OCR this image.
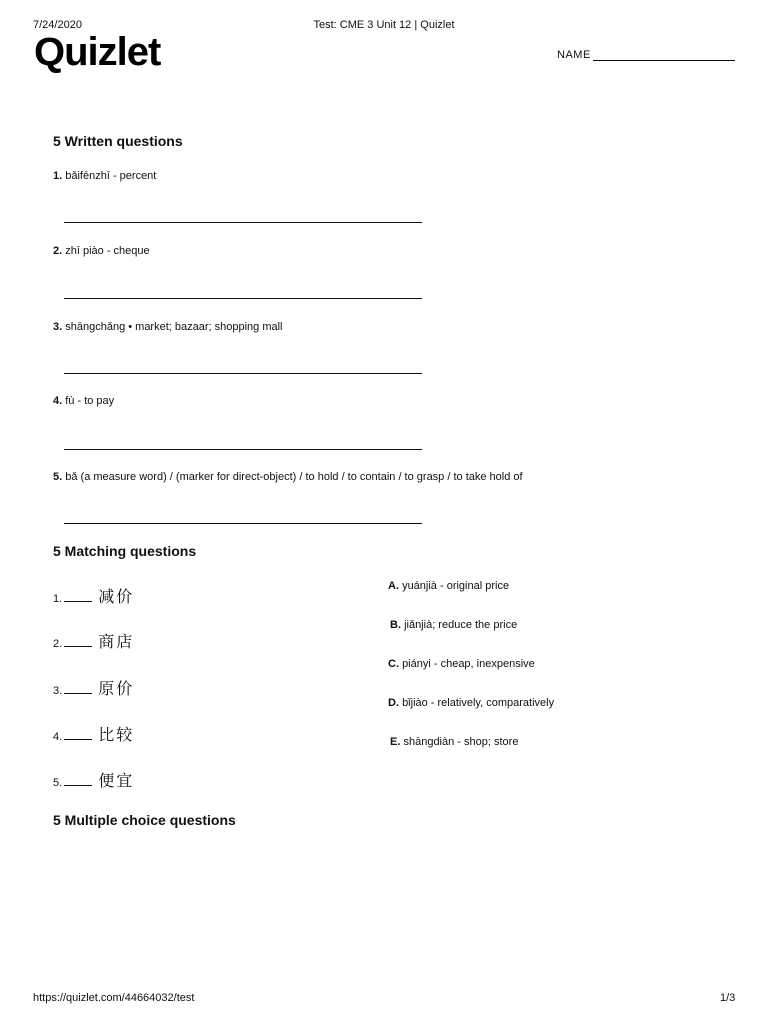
7/24/2020	Test: CME 3 Unit 12 | Quizlet
Quizlet	NAME
5 Written questions
1. bǎifēnzhī - percent
2. zhī piào - cheque
3. shāngchǎng • market; bazaar; shopping mall
4. fù - to pay
5. bǎ (a measure word) / (marker for direct-object) / to hold / to contain / to grasp / to take hold of
5 Matching questions
1. 减价
2. 商店
3. 原价
4. 比较
5. 便宜
A. yuánjià - original price
B. jiǎnjià; reduce the price
C. piányi - cheap, inexpensive
D. bǐjiào - relatively, comparatively
E. shāngdiàn - shop; store
5 Multiple choice questions
https://quizlet.com/44664032/test	1/3
